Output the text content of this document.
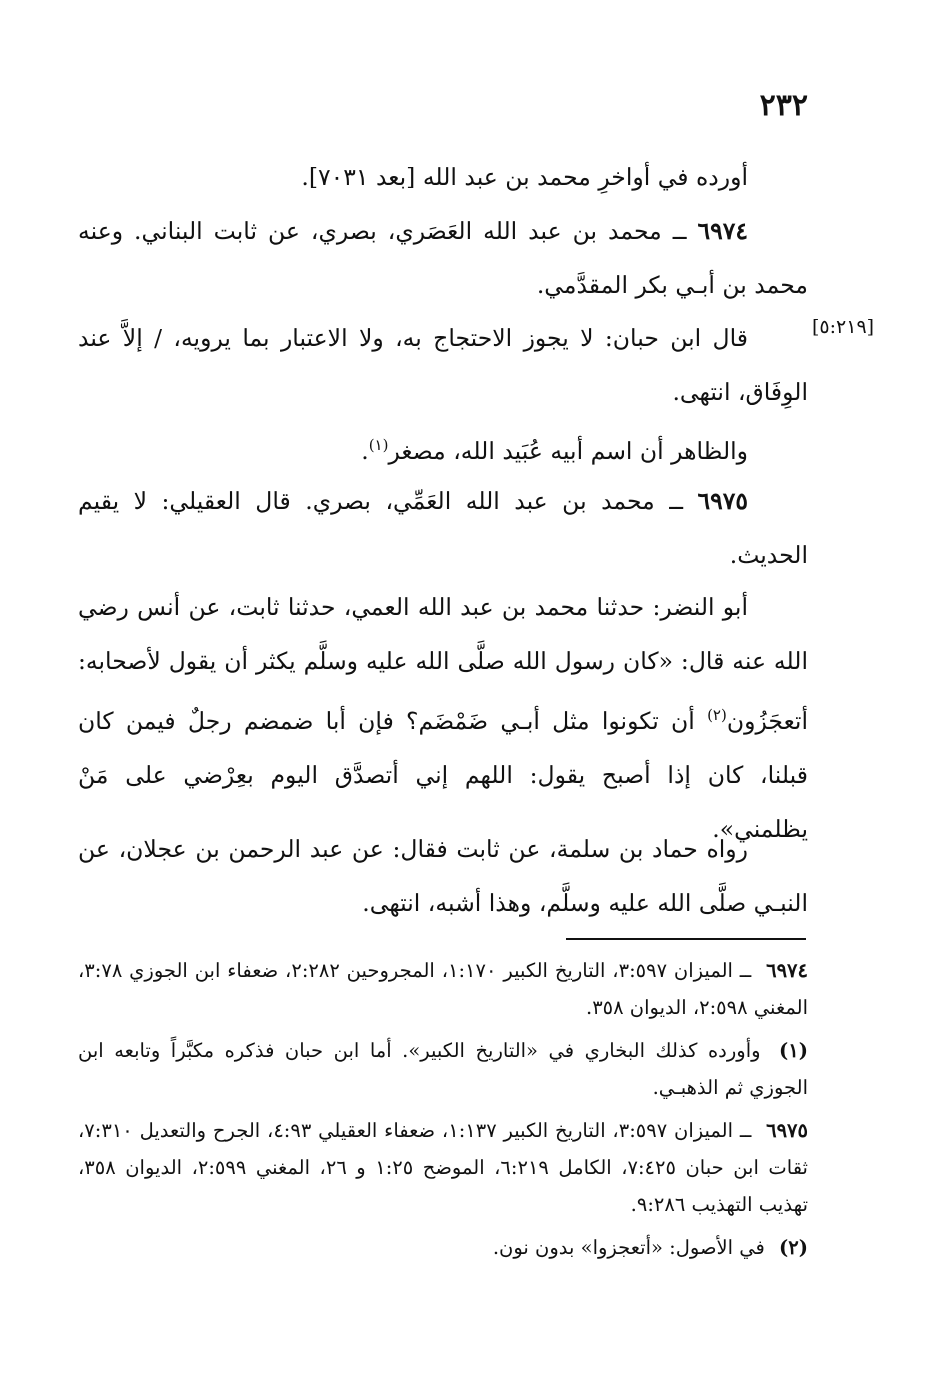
٢٣٢
[٥:٢١٩]
أورده في أواخرِ محمد بن عبد الله [بعد ٧٠٣١].
٦٩٧٤ ــ محمد بن عبد الله العَصَري، بصري، عن ثابت البناني. وعنه محمد بن أبـي بكر المقدَّمي.
قال ابن حبان: لا يجوز الاحتجاج به، ولا الاعتبار بما يرويه، / إلاَّ عند الوِفَاق، انتهى.
والظاهر أن اسم أبيه عُبَيد الله، مصغر$^{(١)}$.
٦٩٧٥ ــ محمد بن عبد الله العَمِّي، بصري. قال العقيلي: لا يقيم الحديث.
أبو النضر: حدثنا محمد بن عبد الله العمي، حدثنا ثابت، عن أنس رضي الله عنه قال: «كان رسول الله صلَّى الله عليه وسلَّم يكثر أن يقول لأصحابه: أتعجَزُون$^{(٢)}$ أن تكونوا مثل أبـي ضَمْضَم؟ فإن أبا ضمضم رجلٌ فيمن كان قبلنا، كان إذا أصبح يقول: اللهم إني أتصدَّق اليوم بعِرْضي على مَنْ يظلمني».
رواه حماد بن سلمة، عن ثابت فقال: عن عبد الرحمن بن عجلان، عن النبـي صلَّى الله عليه وسلَّم، وهذا أشبه، انتهى.

٦٩٧٤ ــ الميزان ٣:٥٩٧، التاريخ الكبير ١:١٧٠، المجروحين ٢:٢٨٢، ضعفاء ابن الجوزي ٣:٧٨، المغني ٢:٥٩٨، الديوان ٣٥٨.

(١) وأورده كذلك البخاري في «التاريخ الكبير». أما ابن حبان فذكره مكبَّراً وتابعه ابن الجوزي ثم الذهبـي.

٦٩٧٥ ــ الميزان ٣:٥٩٧، التاريخ الكبير ١:١٣٧، ضعفاء العقيلي ٤:٩٣، الجرح والتعديل ٧:٣١٠، ثقات ابن حبان ٧:٤٢٥، الكامل ٦:٢١٩، الموضح ١:٢٥ و ٢٦، المغني ٢:٥٩٩، الديوان ٣٥٨، تهذيب التهذيب ٩:٢٨٦.

(٢) في الأصول: «أتعجزوا» بدون نون.
